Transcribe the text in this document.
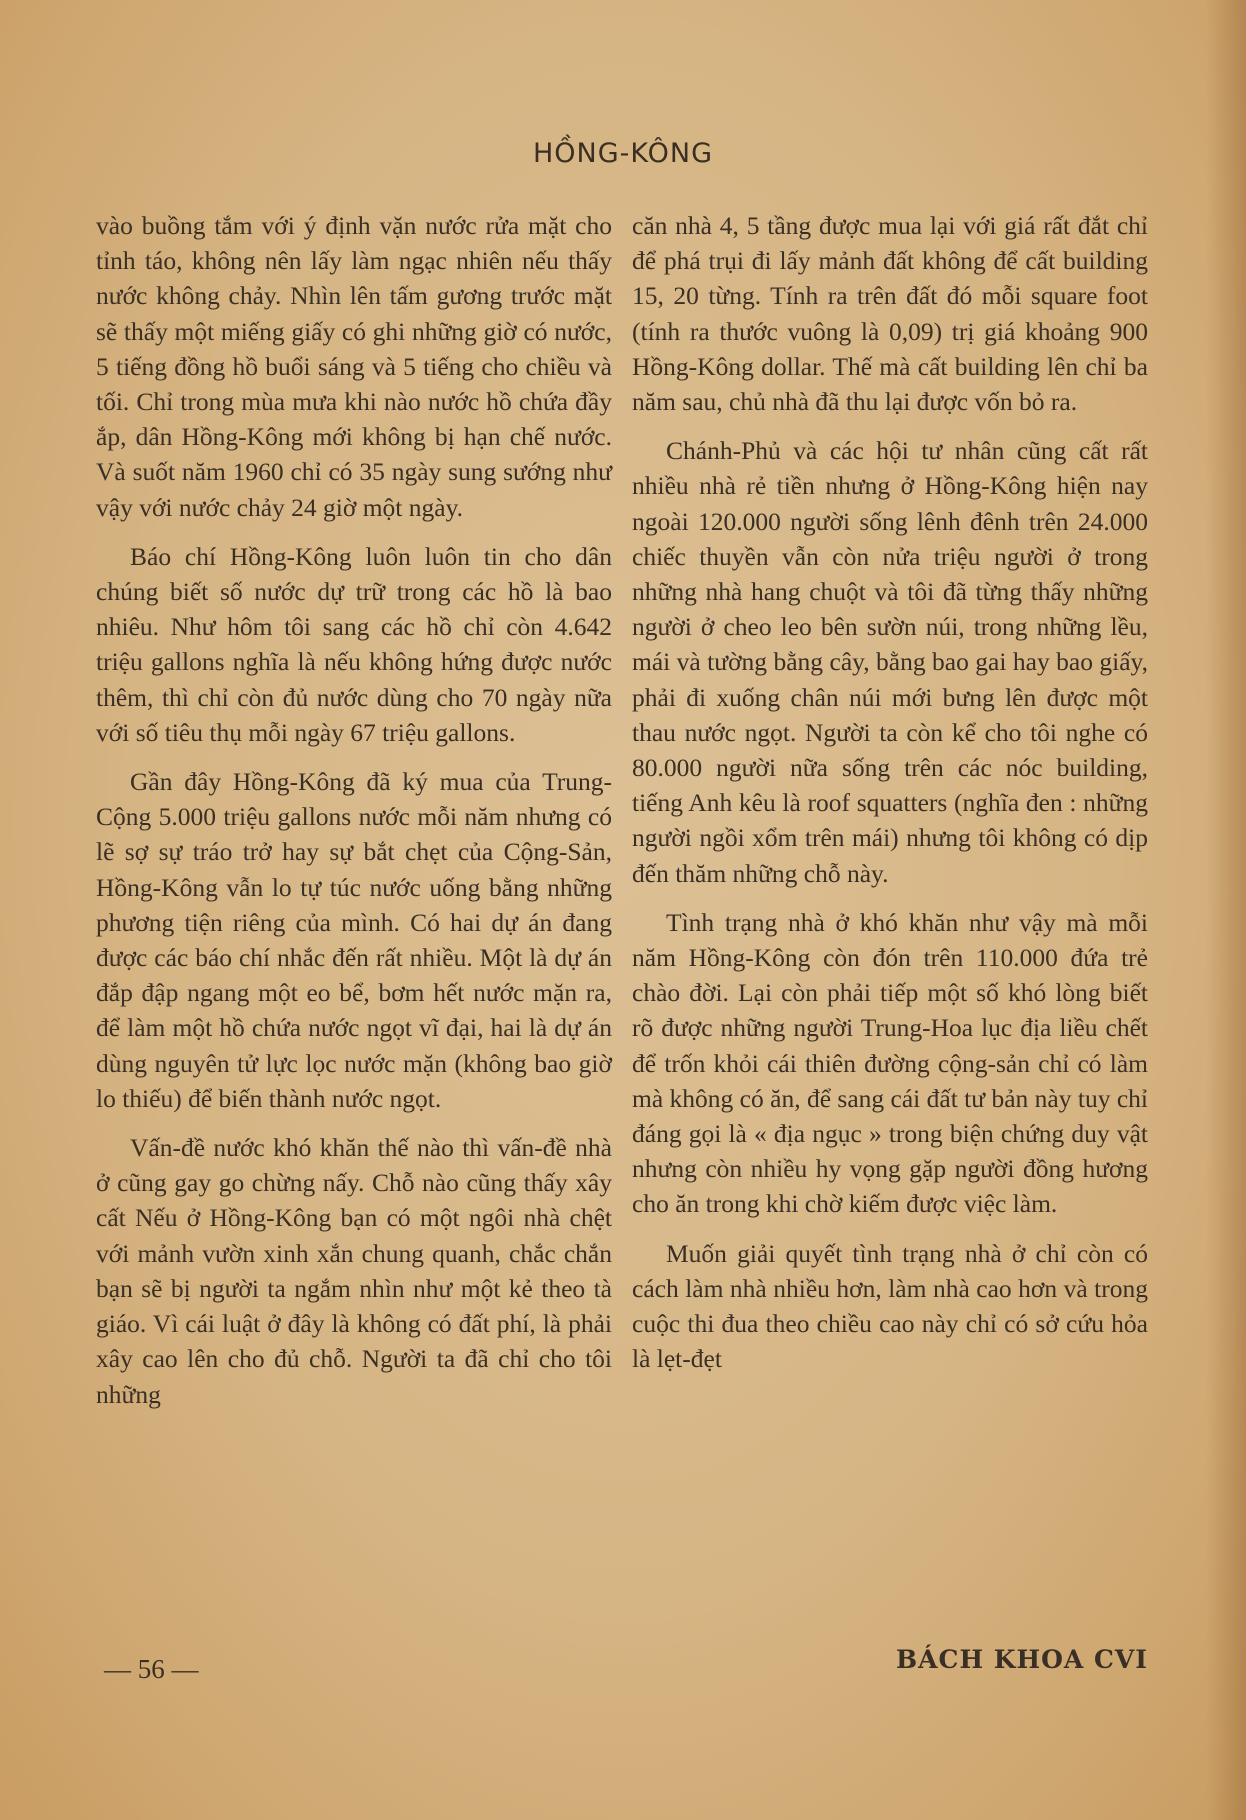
HỒNG-KÔNG

vào buồng tắm với ý định vặn nước rửa mặt cho tỉnh táo, không nên lấy làm ngạc nhiên nếu thấy nước không chảy. Nhìn lên tấm gương trước mặt sẽ thấy một miếng giấy có ghi những giờ có nước, 5 tiếng đồng hồ buổi sáng và 5 tiếng cho chiều và tối. Chỉ trong mùa mưa khi nào nước hồ chứa đầy ắp, dân Hồng-Kông mới không bị hạn chế nước. Và suốt năm 1960 chỉ có 35 ngày sung sướng như vậy với nước chảy 24 giờ một ngày.

Báo chí Hồng-Kông luôn luôn tin cho dân chúng biết số nước dự trữ trong các hồ là bao nhiêu. Như hôm tôi sang các hồ chỉ còn 4.642 triệu gallons nghĩa là nếu không hứng được nước thêm, thì chỉ còn đủ nước dùng cho 70 ngày nữa với số tiêu thụ mỗi ngày 67 triệu gallons.

Gần đây Hồng-Kông đã ký mua của Trung-Cộng 5.000 triệu gallons nước mỗi năm nhưng có lẽ sợ sự tráo trở hay sự bắt chẹt của Cộng-Sản, Hồng-Kông vẫn lo tự túc nước uống bằng những phương tiện riêng của mình. Có hai dự án đang được các báo chí nhắc đến rất nhiều. Một là dự án đắp đập ngang một eo bể, bơm hết nước mặn ra, để làm một hồ chứa nước ngọt vĩ đại, hai là dự án dùng nguyên tử lực lọc nước mặn (không bao giờ lo thiếu) để biến thành nước ngọt.

Vấn-đề nước khó khăn thế nào thì vấn-đề nhà ở cũng gay go chừng nấy. Chỗ nào cũng thấy xây cất Nếu ở Hồng-Kông bạn có một ngôi nhà chệt với mảnh vườn xinh xắn chung quanh, chắc chắn bạn sẽ bị người ta ngắm nhìn như một kẻ theo tà giáo. Vì cái luật ở đây là không có đất phí, là phải xây cao lên cho đủ chỗ. Người ta đã chỉ cho tôi những

căn nhà 4, 5 tầng được mua lại với giá rất đắt chỉ để phá trụi đi lấy mảnh đất không để cất building 15, 20 từng. Tính ra trên đất đó mỗi square foot (tính ra thước vuông là 0,09) trị giá khoảng 900 Hồng-Kông dollar. Thế mà cất building lên chỉ ba năm sau, chủ nhà đã thu lại được vốn bỏ ra.

Chánh-Phủ và các hội tư nhân cũng cất rất nhiều nhà rẻ tiền nhưng ở Hồng-Kông hiện nay ngoài 120.000 người sống lênh đênh trên 24.000 chiếc thuyền vẫn còn nửa triệu người ở trong những nhà hang chuột và tôi đã từng thấy những người ở cheo leo bên sườn núi, trong những lều, mái và tường bằng cây, bằng bao gai hay bao giấy, phải đi xuống chân núi mới bưng lên được một thau nước ngọt. Người ta còn kể cho tôi nghe có 80.000 người nữa sống trên các nóc building, tiếng Anh kêu là roof squatters (nghĩa đen : những người ngồi xổm trên mái) nhưng tôi không có dịp đến thăm những chỗ này.

Tình trạng nhà ở khó khăn như vậy mà mỗi năm Hồng-Kông còn đón trên 110.000 đứa trẻ chào đời. Lại còn phải tiếp một số khó lòng biết rõ được những người Trung-Hoa lục địa liều chết để trốn khỏi cái thiên đường cộng-sản chỉ có làm mà không có ăn, để sang cái đất tư bản này tuy chỉ đáng gọi là « địa ngục » trong biện chứng duy vật nhưng còn nhiều hy vọng gặp người đồng hương cho ăn trong khi chờ kiếm được việc làm.

Muốn giải quyết tình trạng nhà ở chỉ còn có cách làm nhà nhiều hơn, làm nhà cao hơn và trong cuộc thi đua theo chiều cao này chỉ có sở cứu hỏa là lẹt-đẹt

— 56 —	BÁCH KHOA CVI
